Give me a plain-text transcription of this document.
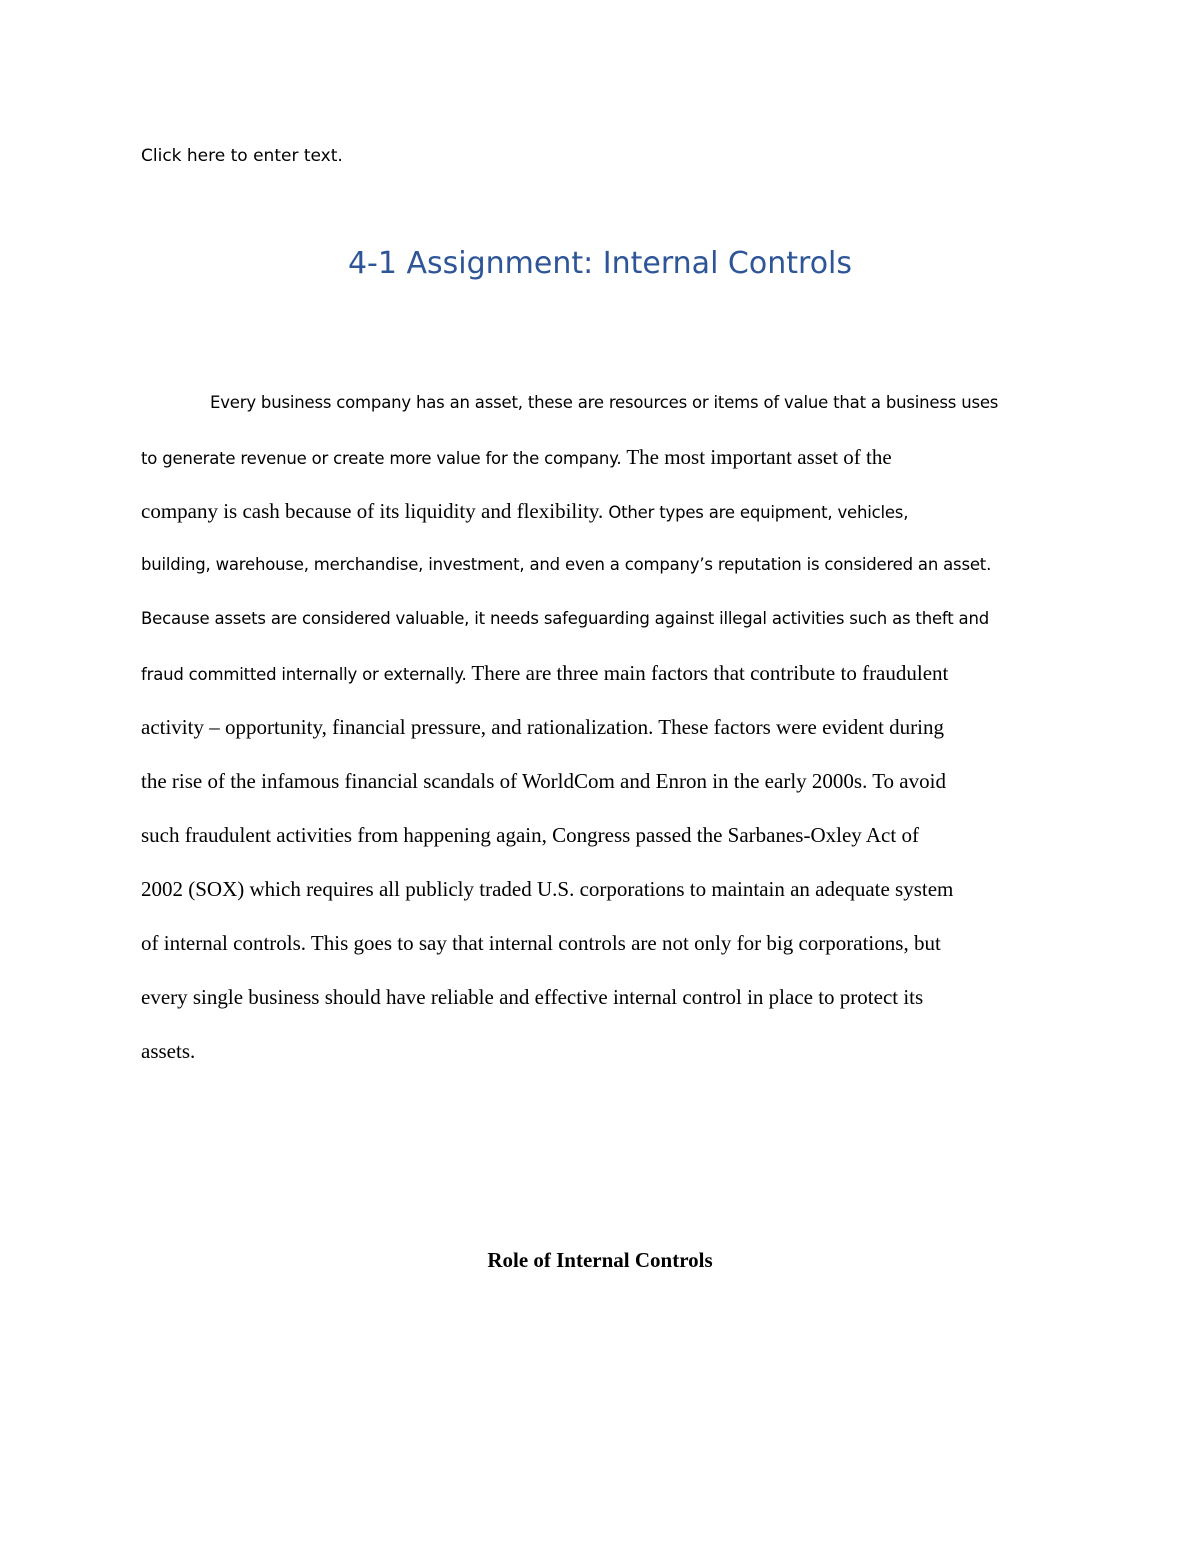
Click here to enter text.
4-1 Assignment: Internal Controls
Every business company has an asset, these are resources or items of value that a business uses
to generate revenue or create more value for the company. The most important asset of the
company is cash because of its liquidity and flexibility. Other types are equipment, vehicles,
building, warehouse, merchandise, investment, and even a company’s reputation is considered an asset.
Because assets are considered valuable, it needs safeguarding against illegal activities such as theft and
fraud committed internally or externally. There are three main factors that contribute to fraudulent
activity – opportunity, financial pressure, and rationalization. These factors were evident during
the rise of the infamous financial scandals of WorldCom and Enron in the early 2000s. To avoid
such fraudulent activities from happening again, Congress passed the Sarbanes-Oxley Act of
2002 (SOX) which requires all publicly traded U.S. corporations to maintain an adequate system
of internal controls. This goes to say that internal controls are not only for big corporations, but
every single business should have reliable and effective internal control in place to protect its
assets.
Role of Internal Controls
